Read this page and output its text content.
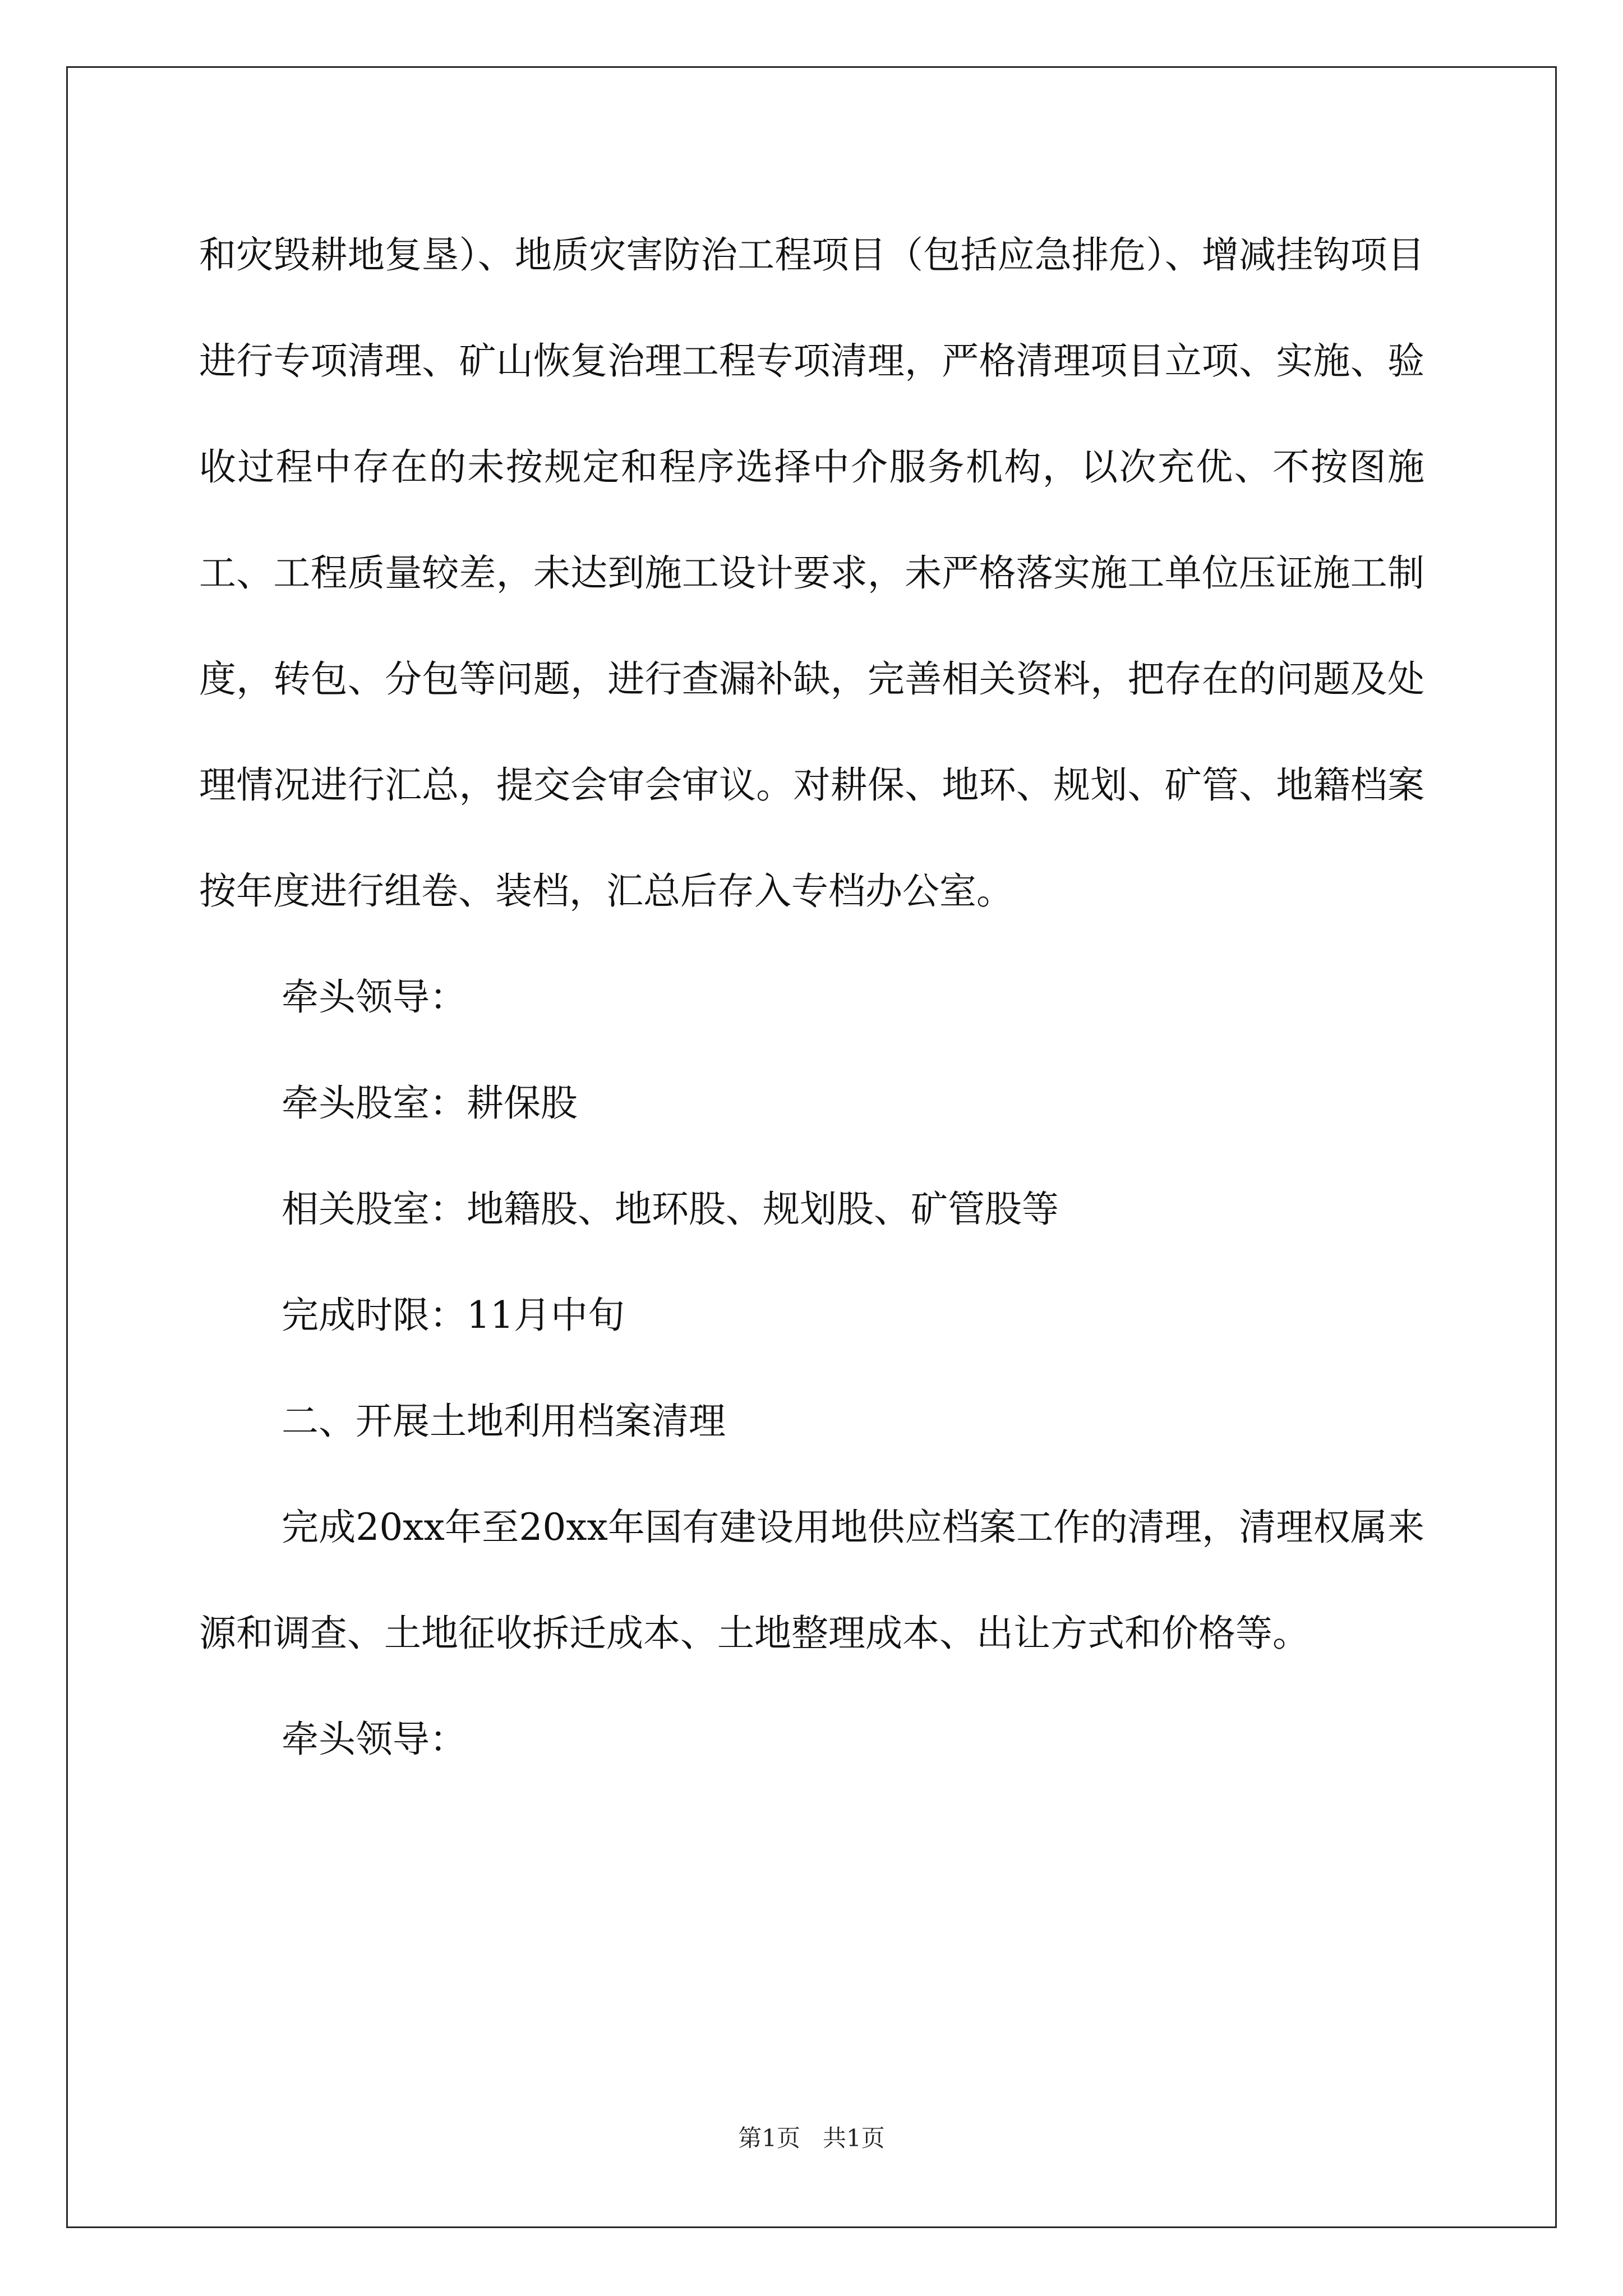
和灾毁耕地复垦）、地质灾害防治工程项目（包括应急排危）、增减挂钩项目进行专项清理、矿山恢复治理工程专项清理，严格清理项目立项、实施、验收过程中存在的未按规定和程序选择中介服务机构，以次充优、不按图施工、工程质量较差，未达到施工设计要求，未严格落实施工单位压证施工制度，转包、分包等问题，进行查漏补缺，完善相关资料，把存在的问题及处理情况进行汇总，提交会审会审议。对耕保、地环、规划、矿管、地籍档案按年度进行组卷、装档，汇总后存入专档办公室。

牵头领导：

牵头股室：耕保股

相关股室：地籍股、地环股、规划股、矿管股等

完成时限：11月中旬

二、开展土地利用档案清理

完成20xx年至20xx年国有建设用地供应档案工作的清理，清理权属来源和调查、土地征收拆迁成本、土地整理成本、出让方式和价格等。

牵头领导：

第1页 共1页
